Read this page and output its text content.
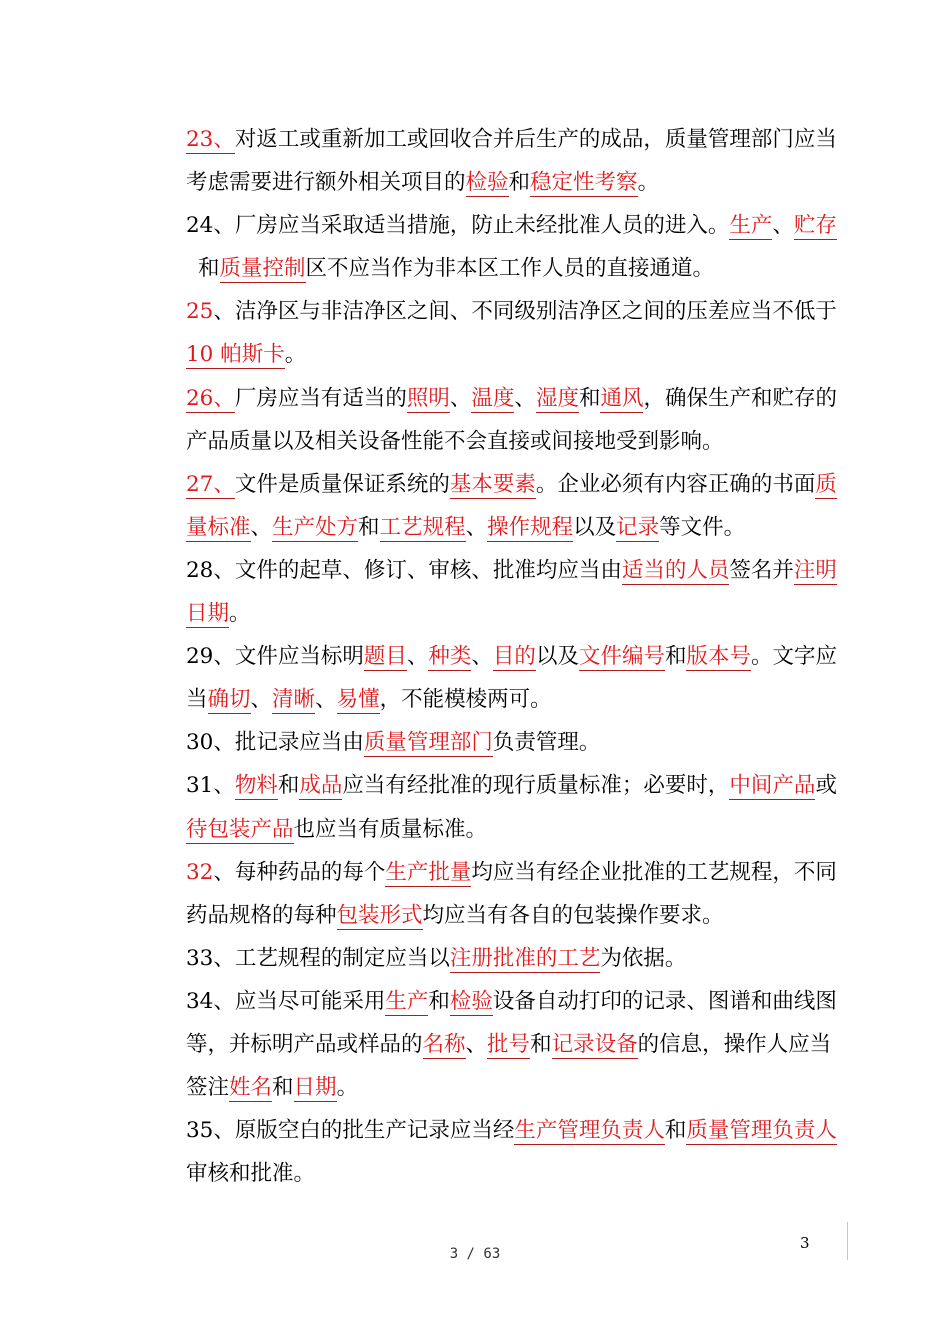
23、对返工或重新加工或回收合并后生产的成品，质量管理部门应当
考虑需要进行额外相关项目的检验和稳定性考察。
24、厂房应当采取适当措施，防止未经批准人员的进入。生产、贮存
和质量控制区不应当作为非本区工作人员的直接通道。
25、洁净区与非洁净区之间、不同级别洁净区之间的压差应当不低于
10 帕斯卡。
26、厂房应当有适当的照明、温度、湿度和通风，确保生产和贮存的
产品质量以及相关设备性能不会直接或间接地受到影响。
27、文件是质量保证系统的基本要素。企业必须有内容正确的书面质
量标准、生产处方和工艺规程、操作规程以及记录等文件。
28、文件的起草、修订、审核、批准均应当由适当的人员签名并注明
日期。
29、文件应当标明题目、种类、目的以及文件编号和版本号。文字应
当确切、清晰、易懂，不能模棱两可。
30、批记录应当由质量管理部门负责管理。
31、物料和成品应当有经批准的现行质量标准；必要时，中间产品或
待包装产品也应当有质量标准。
32、每种药品的每个生产批量均应当有经企业批准的工艺规程，不同
药品规格的每种包装形式均应当有各自的包装操作要求。
33、工艺规程的制定应当以注册批准的工艺为依据。
34、应当尽可能采用生产和检验设备自动打印的记录、图谱和曲线图
等，并标明产品或样品的名称、批号和记录设备的信息，操作人应当
签注姓名和日期。
35、原版空白的批生产记录应当经生产管理负责人和质量管理负责人
审核和批准。
3
3 / 63
